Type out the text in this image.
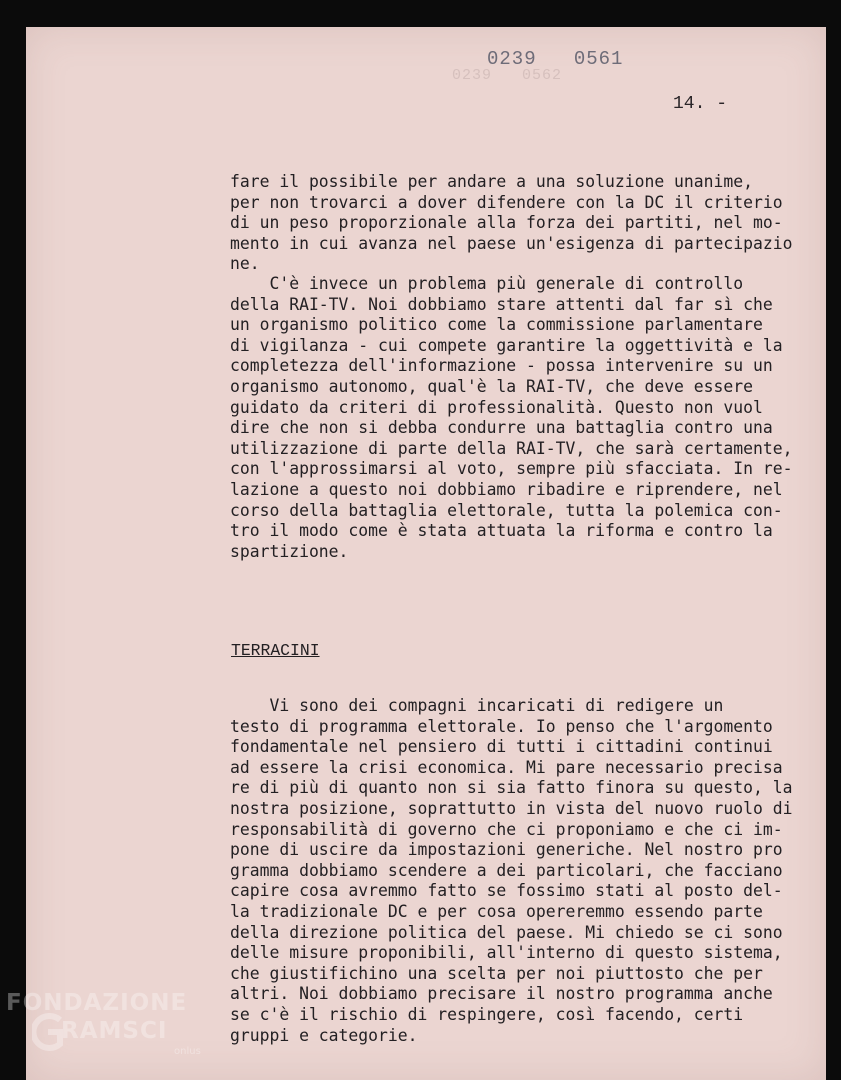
0239   0562
0239   0561
14. -
fare il possibile per andare a una soluzione unanime,
per non trovarci a dover difendere con la DC il criterio
di un peso proporzionale alla forza dei partiti, nel mo-
mento in cui avanza nel paese un'esigenza di partecipazio
ne.
C'è invece un problema più generale di controllo
della RAI-TV. Noi dobbiamo stare attenti dal far sì che
un organismo politico come la commissione parlamentare
di vigilanza - cui compete garantire la oggettività e la
completezza dell'informazione - possa intervenire su un
organismo autonomo, qual'è la RAI-TV, che deve essere
guidato da criteri di professionalità. Questo non vuol
dire che non si debba condurre una battaglia contro una
utilizzazione di parte della RAI-TV, che sarà certamente,
con l'approssimarsi al voto, sempre più sfacciata. In re-
lazione a questo noi dobbiamo ribadire e riprendere, nel
corso della battaglia elettorale, tutta la polemica con-
tro il modo come è stata attuata la riforma e contro la
spartizione.
TERRACINI
Vi sono dei compagni incaricati di redigere un
testo di programma elettorale. Io penso che l'argomento
fondamentale nel pensiero di tutti i cittadini continui
ad essere la crisi economica. Mi pare necessario precisa
re di più di quanto non si sia fatto finora su questo, la
nostra posizione, soprattutto in vista del nuovo ruolo di
responsabilità di governo che ci proponiamo e che ci im-
pone di uscire da impostazioni generiche. Nel nostro pro
gramma dobbiamo scendere a dei particolari, che facciano
capire cosa avremmo fatto se fossimo stati al posto del-
la tradizionale DC e per cosa opereremmo essendo parte
della direzione politica del paese. Mi chiedo se ci sono
delle misure proponibili, all'interno di questo sistema,
che giustifichino una scelta per noi piuttosto che per
altri. Noi dobbiamo precisare il nostro programma anche
se c'è il rischio di respingere, così facendo, certi
gruppi e categorie.
FONDAZIONE
RAMSCI
onlus
